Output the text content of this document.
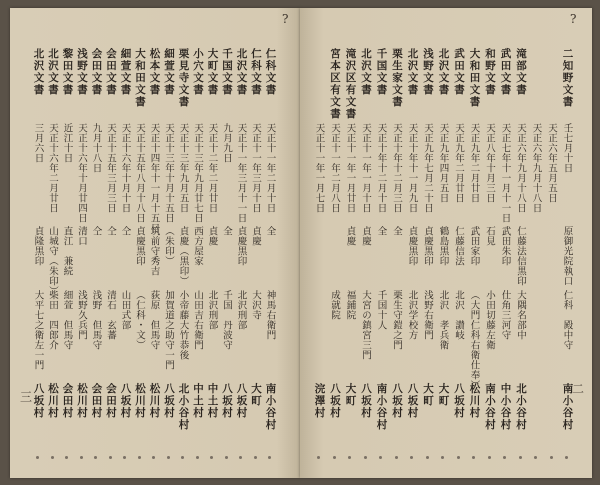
?
三
仁科文書
天正十一年二月十日
全
神馬右衛門
南小谷村
仁科文書
天正十一年三月十日
貞慶
大沢寺
大町
北沢文書
天正十一年三月十一日
貞慶黒印
北沢刑部
八坂村
千国文書
九月九日
全
千国　丹波守
八坂村
大町文書
天正十二年二月廿日
貞慶
北沢刑部
中土村
小穴文書
天正十三年九月廿七日
西方屋家
山田吉右衛門
中土村
栗見寺文書
天正十三年九月五日
貞慶（黒印）
小帝藤大竹恭後
北小谷村
細萱文書
天正十三年十月十五日
（朱印）
加賀道之助守一門
八坂村
松本文書
天正十四年十一月十五日
筑前守秀吉
荻原　但馬守
松川村
大和田文書
天正十五年八月十八日
貞慶黒印
（仁科・文）
松川村
細萱文書
天正十六年十月十日
仝
山田式部
八坂村
会田文書
天正十五年三月三日
仝
清石　玄蕃
会田村
会田文書
九月十八日
仝
浅野　但馬守
会田村
浅野文書
天正十六年十月廿四日
清口
浅野久兵門
松川村
黎田文書
近江十日
直江　兼続
細萱　但馬守
会田村
北沢文書
天正十六年二月廿日
山城守（朱印）
柴田　四郎介
松川村
北沢文書
三月六日
貞隆黒印
大平七之衛左一門
八坂村
?
二
二知野文書
壬七月十日
原御光院執口
仁科　殿中守
南小谷村
天正六年五月五日
天正六年九月十八日
滝部文書
天正六年九月十八日
仁藤法信黒印
大隅名部中
北小谷村
武田文書
天正七年十一月十一日
武田朱印
仕角三河守
中小谷村
和野文書
天正八年十月三日
石見
小田切藤左衛
南小谷村
大和田文書
天正九年二月廿日
武田家印
（大門仁科右衛仕奉）
松川村
武田文書
天正九年二月廿日
仁藤信法
北沢　讃岐
八坂村
北沢文書
天正九年四月五日
鶴島黒印
北沢　孝兵衛
大町
浅野文書
天正九年七月二十日
貞慶黒印
浅野右衛門
大町
北沢文書
天正十年十一月九日
貞慶黒印
北沢学校方
八坂村
栗生家文書
天正十年十二月三日
全
栗生守鎧之門
八坂村
千国文書
天正十年十二月十日
全
千国十人
南小谷村
北沢文書
天正十一年一月十日
貞慶
大宮の鎮宮三門
八坂村
滝沢区有文書
天正十一年一月廿日
貞慶
福鋪院
大町
宮本区有文書
天正十一年二月八日
成就院
八坂村
天正十一年一月七日
浣澤村
